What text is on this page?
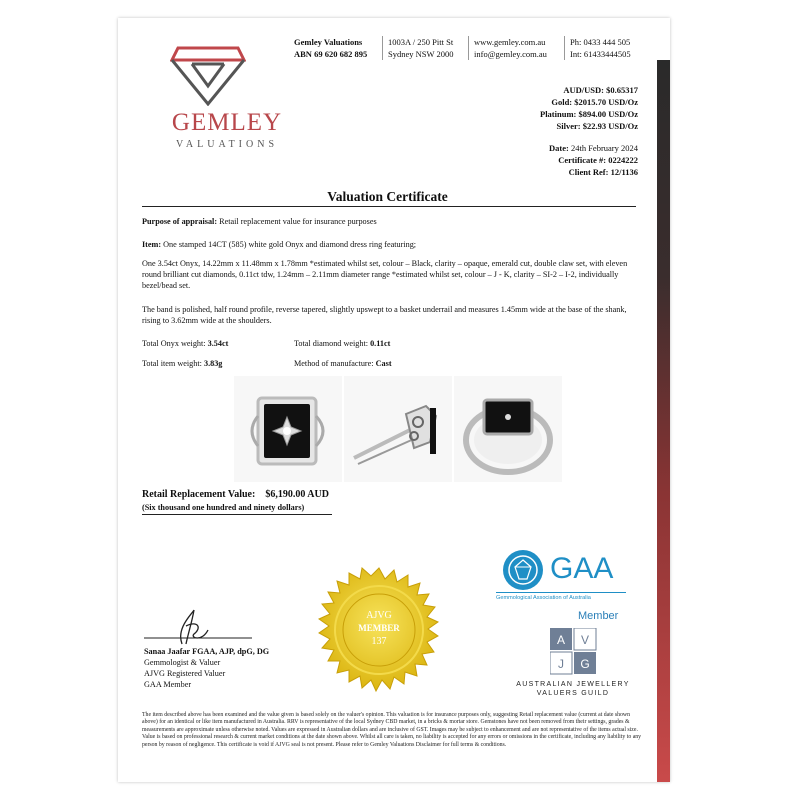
GEMLEY
VALUATIONS
Gemley Valuations
ABN 69 620 682 895
1003A / 250 Pitt St
Sydney NSW 2000
www.gemley.com.au
info@gemley.com.au
Ph: 0433 444 505
Int: 61433444505
AUD/USD: $0.65317
Gold: $2015.70 USD/Oz
Platinum: $894.00 USD/Oz
Silver: $22.93 USD/Oz
Date: 24th February 2024
Certificate #: 0224222
Client Ref: 12/1136
Valuation Certificate
Purpose of appraisal: Retail replacement value for insurance purposes
Item: One stamped 14CT (585) white gold Onyx and diamond dress ring featuring;
One 3.54ct Onyx, 14.22mm x 11.48mm x 1.78mm *estimated whilst set, colour – Black, clarity – opaque, emerald cut, double claw set, with eleven round brilliant cut diamonds, 0.11ct tdw, 1.24mm – 2.11mm diameter range *estimated whilst set, colour – J - K, clarity – SI-2 – I-2, individually bezel/bead set.
The band is polished, half round profile, reverse tapered, slightly upswept to a basket underrail and measures 1.45mm wide at the base of the shank, rising to 3.62mm wide at the shoulders.
Total Onyx weight: 3.54ct	Total diamond weight: 0.11ct
Total item weight: 3.83g	Method of manufacture: Cast
Retail Replacement Value: $6,190.00 AUD
(Six thousand one hundred and ninety dollars)
AJVG
MEMBER
137
Sanaa Jaafar FGAA, AJP, dpG, DG
Gemmologist & Valuer
AJVG Registered Valuer
GAA Member
GAA
Gemmological Association of Australia
Member
A V
J G
AUSTRALIAN JEWELLERY
VALUERS GUILD
The item described above has been examined and the value given is based solely on the valuer's opinion. This valuation is for insurance purposes only, suggesting Retail replacement value (current at date shown above) for an identical or like item manufactured in Australia. RRV is representative of the local Sydney CBD market, in a bricks & mortar store. Gemstones have not been removed from their settings, grades & measurements are approximate unless otherwise noted. Values are expressed in Australian dollars and are inclusive of GST. Images may be subject to enhancement and are not representative of the items actual size. Value is based on professional research & current market conditions at the date shown above. Whilst all care is taken, no liability is accepted for any errors or omissions in the certificate, including any liability to any person by reason of negligence. This certificate is void if AJVG seal is not present. Please refer to Gemley Valuations Disclaimer for full terms & conditions.
